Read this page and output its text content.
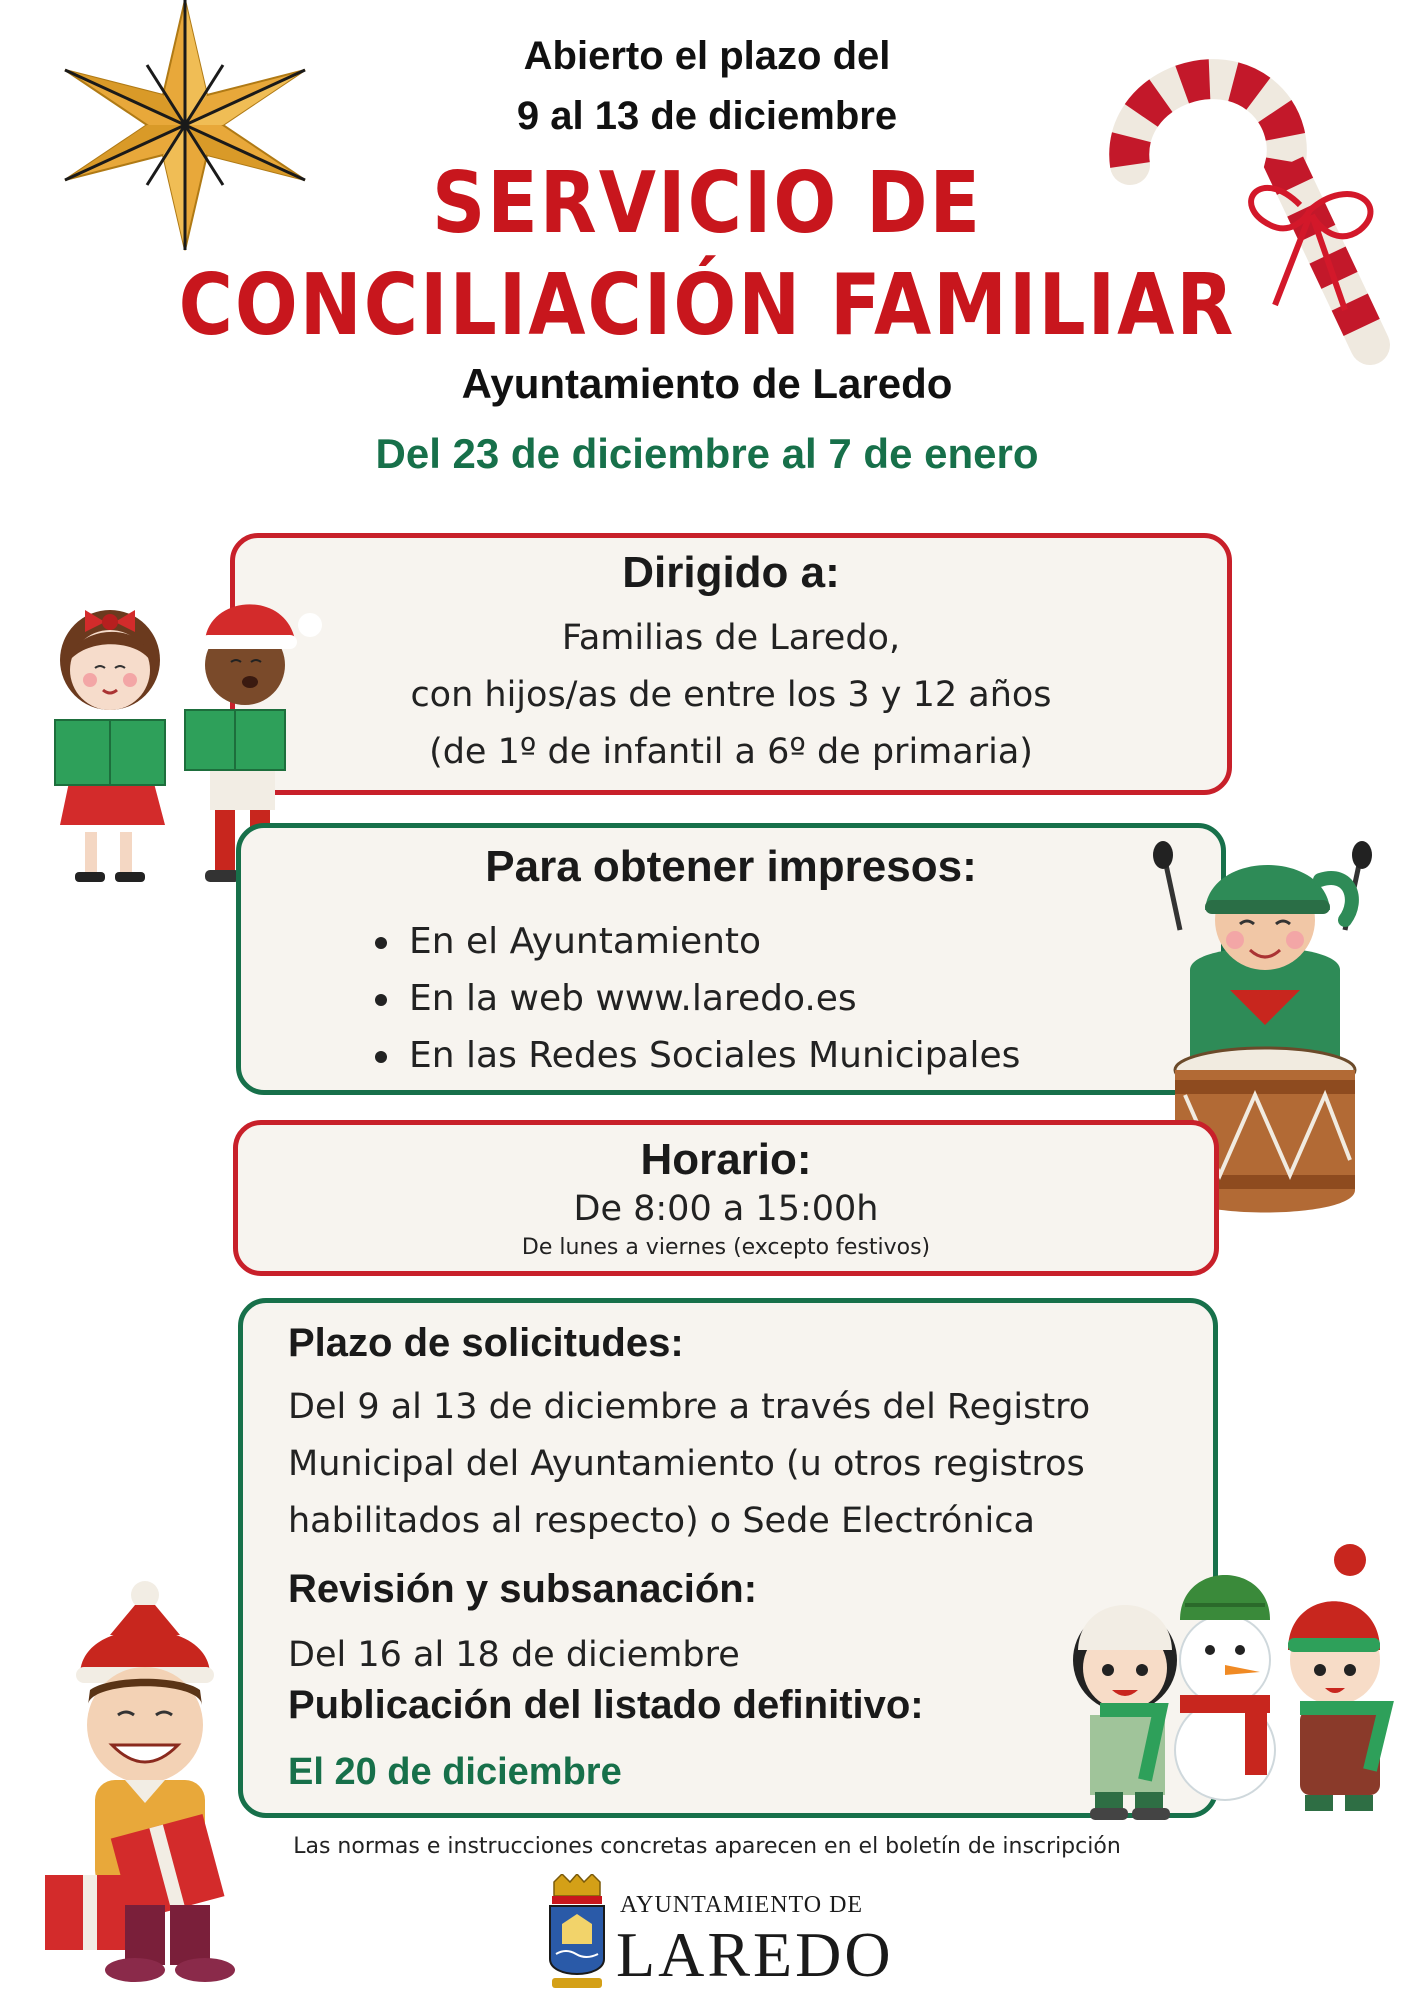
Abierto el plazo del
9 al 13 de diciembre
SERVICIO DE
CONCILIACIÓN FAMILIAR
Ayuntamiento de Laredo
Del 23 de diciembre al 7 de enero
Dirigido a:
Familias de Laredo,
con hijos/as de entre los 3 y 12 años
(de 1º de infantil a 6º de primaria)
Para obtener impresos:
En el Ayuntamiento
En la web www.laredo.es
En las Redes Sociales Municipales
Horario:
De 8:00 a 15:00h
De lunes a viernes (excepto festivos)
Plazo de solicitudes:
Del 9 al 13 de diciembre a través del Registro
Municipal del Ayuntamiento (u otros registros
habilitados al respecto) o Sede Electrónica
Revisión y subsanación:
Del 16 al 18 de diciembre
Publicación del listado definitivo:
El 20 de diciembre
Las normas e instrucciones concretas aparecen en el boletín de inscripción
AYUNTAMIENTO DE
LAREDO
